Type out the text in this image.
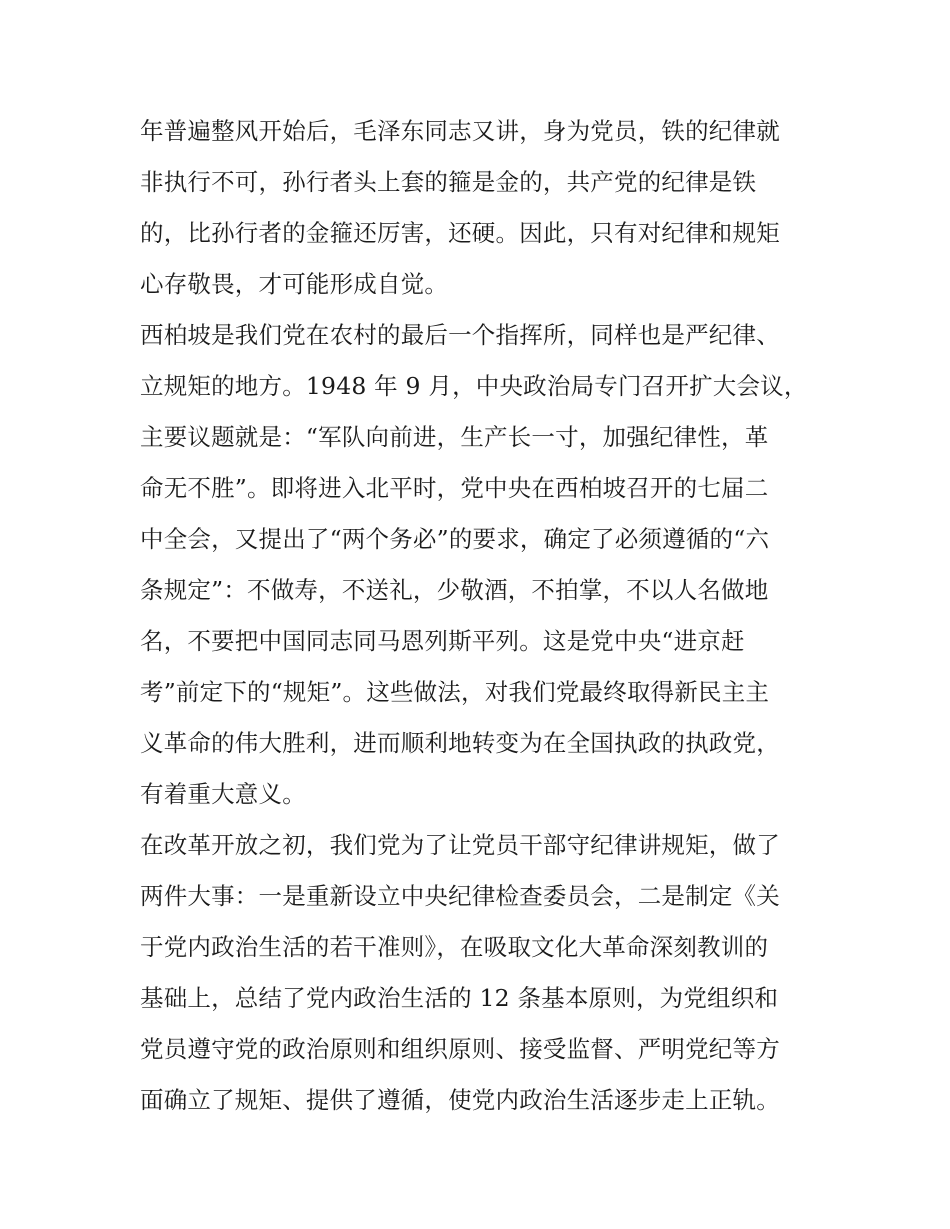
年普遍整风开始后，毛泽东同志又讲，身为党员，铁的纪律就
非执行不可，孙行者头上套的箍是金的，共产党的纪律是铁
的，比孙行者的金箍还厉害，还硬。因此，只有对纪律和规矩
心存敬畏，才可能形成自觉。
西柏坡是我们党在农村的最后一个指挥所，同样也是严纪律、
立规矩的地方。1948 年 9 月，中央政治局专门召开扩大会议，
主要议题就是：“军队向前进，生产长一寸，加强纪律性，革
命无不胜”。即将进入北平时，党中央在西柏坡召开的七届二
中全会，又提出了“两个务必”的要求，确定了必须遵循的“六
条规定”：不做寿，不送礼，少敬酒，不拍掌，不以人名做地
名，不要把中国同志同马恩列斯平列。这是党中央“进京赶
考”前定下的“规矩”。这些做法，对我们党最终取得新民主主
义革命的伟大胜利，进而顺利地转变为在全国执政的执政党，
有着重大意义。
在改革开放之初，我们党为了让党员干部守纪律讲规矩，做了
两件大事：一是重新设立中央纪律检查委员会，二是制定《关
于党内政治生活的若干准则》，在吸取文化大革命深刻教训的
基础上，总结了党内政治生活的 12 条基本原则，为党组织和
党员遵守党的政治原则和组织原则、接受监督、严明党纪等方
面确立了规矩、提供了遵循，使党内政治生活逐步走上正轨。
